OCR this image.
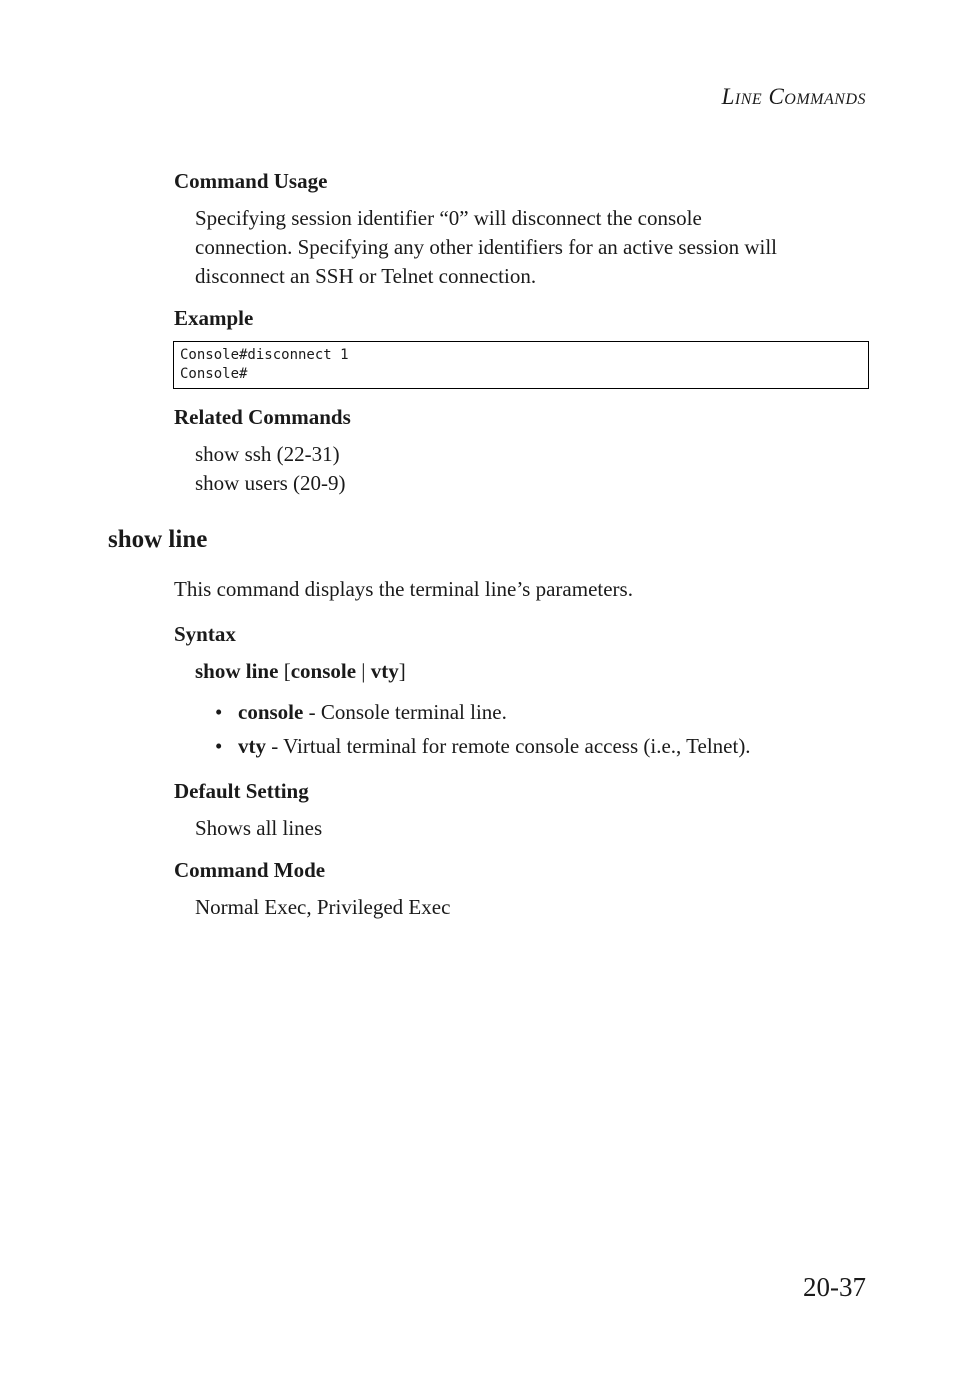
LINE COMMANDS
Command Usage
Specifying session identifier “0” will disconnect the console
connection. Specifying any other identifiers for an active session will
disconnect an SSH or Telnet connection.
Example
Console#disconnect 1
Console#
Related Commands
show ssh (22-31)
show users (20-9)
show line
This command displays the terminal line’s parameters.
Syntax
show line [console | vty]
• console - Console terminal line.
• vty - Virtual terminal for remote console access (i.e., Telnet).
Default Setting
Shows all lines
Command Mode
Normal Exec, Privileged Exec
20-37
